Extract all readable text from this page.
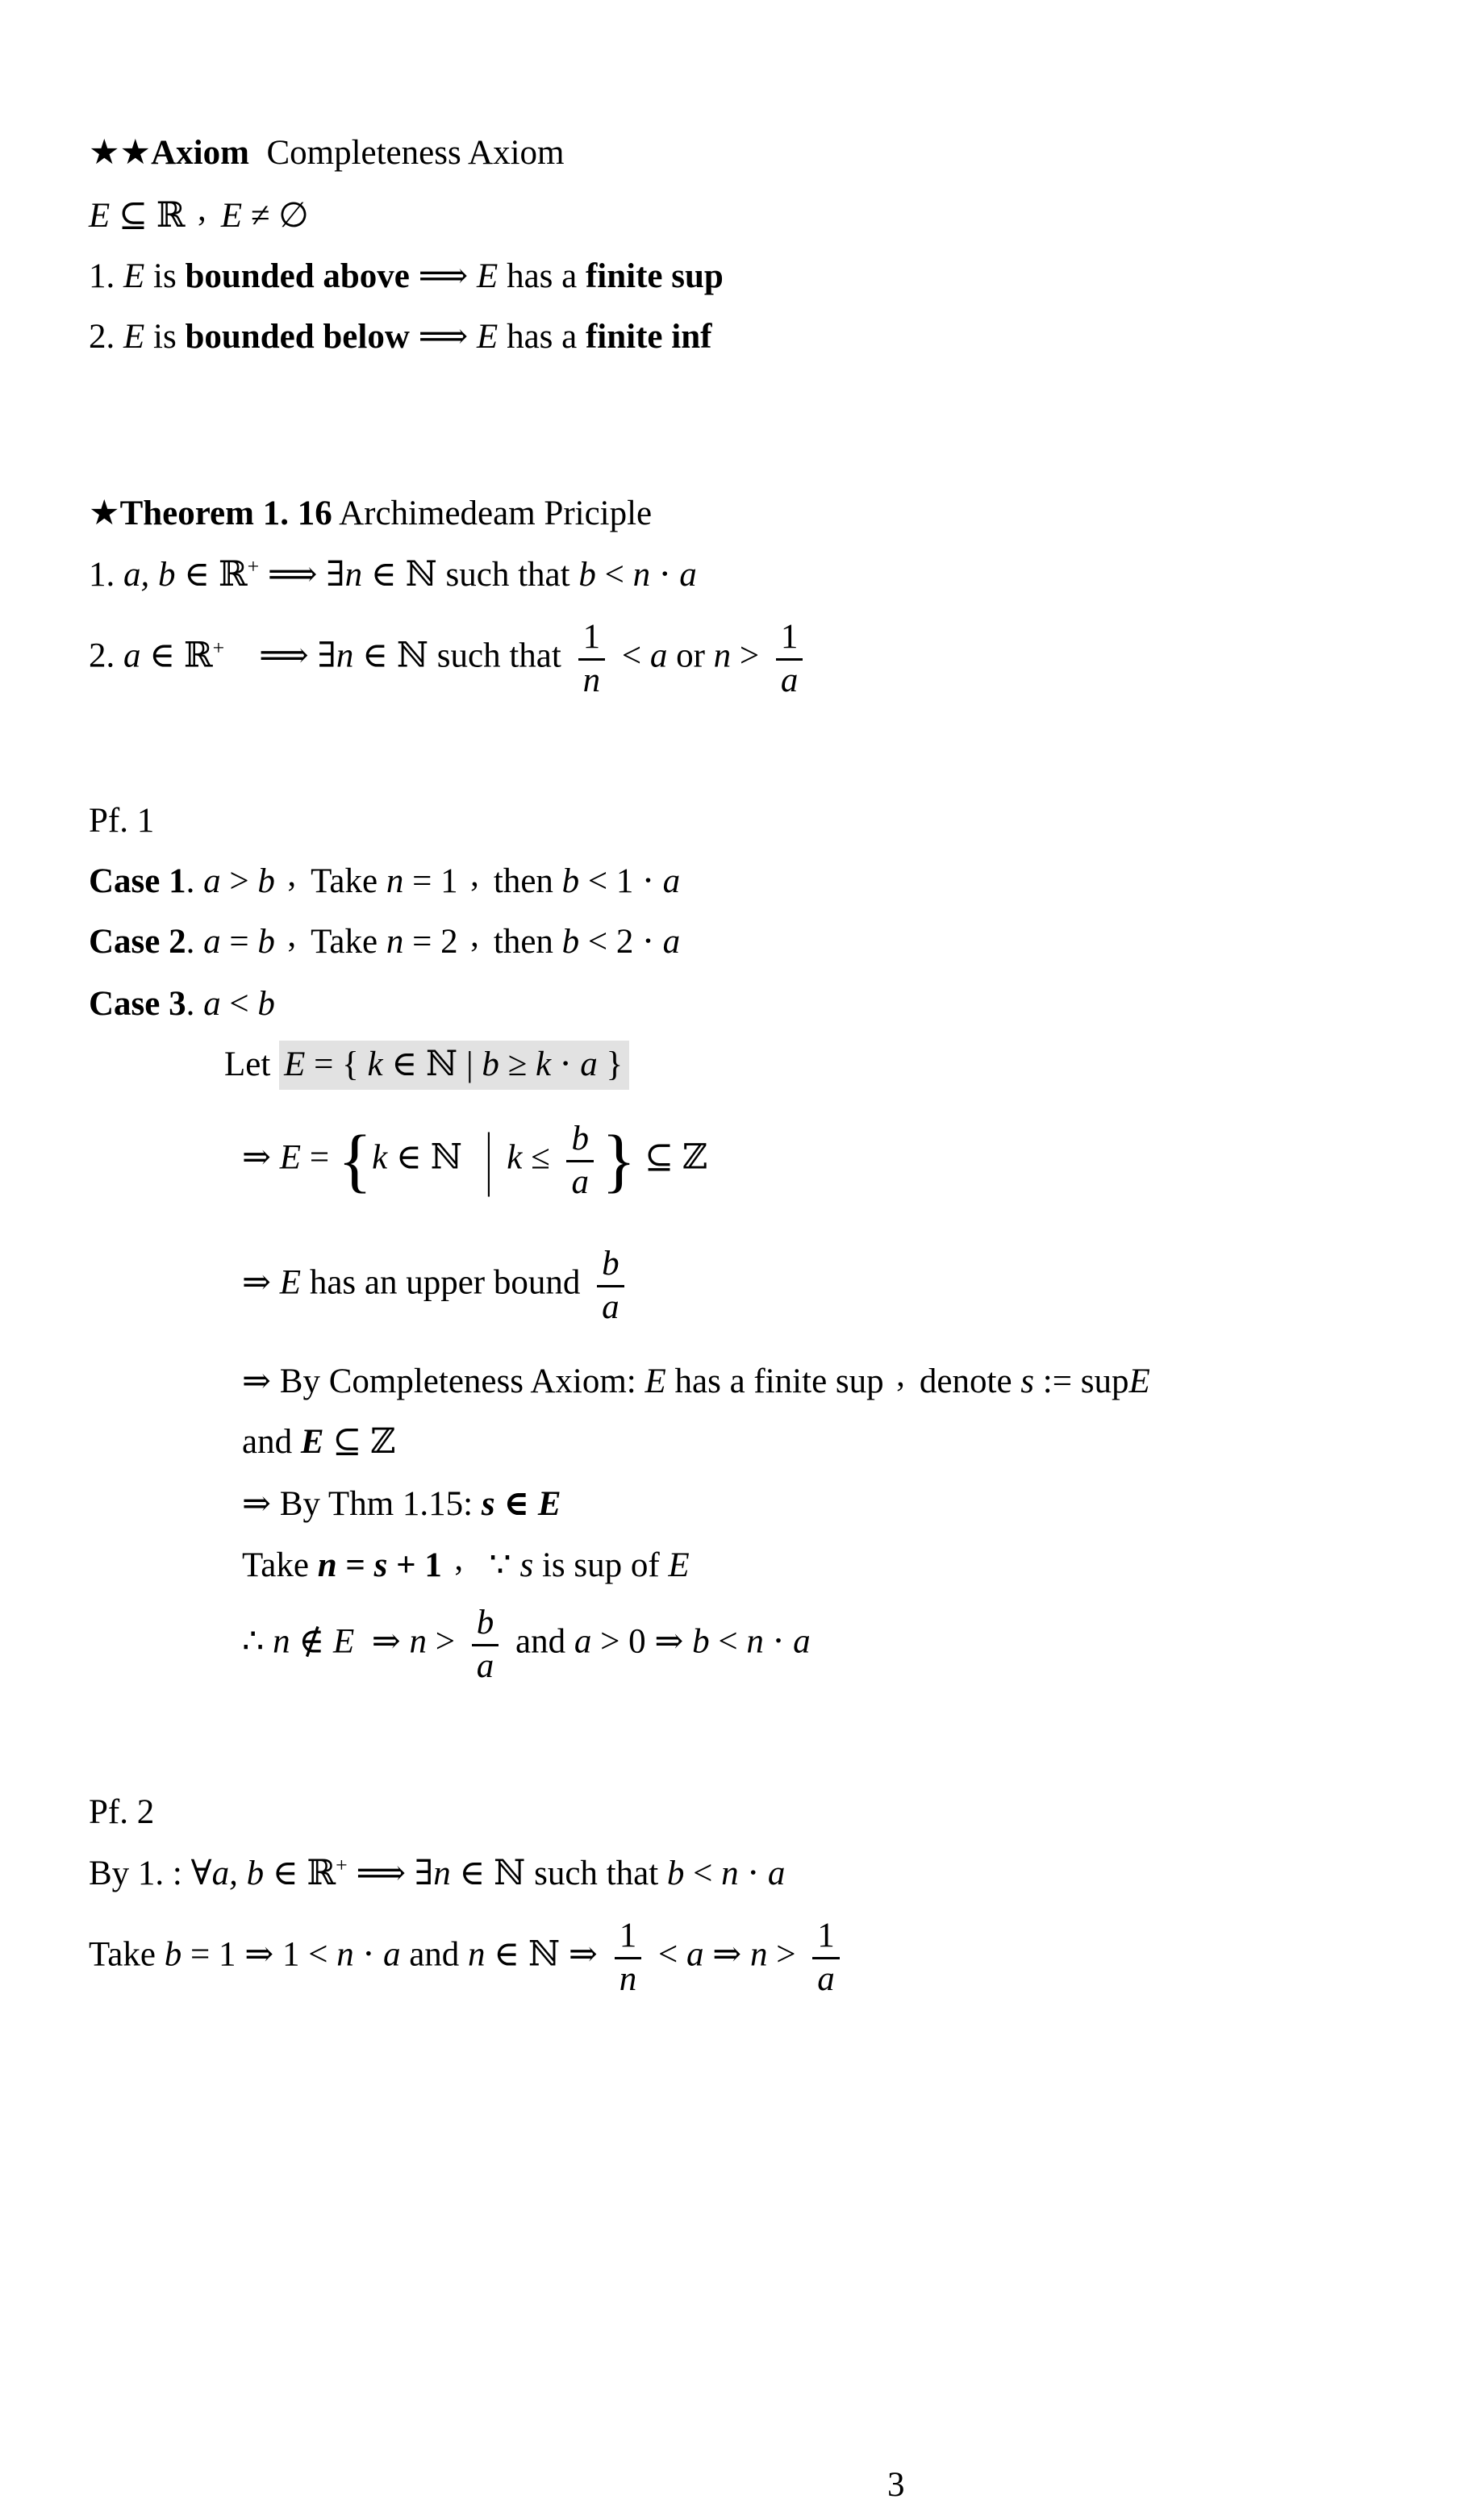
★★Axiom  Completeness Axiom
E ⊆ ℝ , E ≠ ∅
1. E is bounded above ⟹ E has a finite sup
2. E is bounded below ⟹ E has a finite inf
★Theorem 1. 16 Archimedeam Priciple
1. a, b ∈ ℝ+ ⟹ ∃n ∈ ℕ such that b < n ⋅ a
2. a ∈ ℝ+ ⟹ ∃n ∈ ℕ such that $\frac{1}{n} < a$ or $n > \frac{1}{a}$
Pf. 1
Case 1. a > b , Take n = 1 , then b < 1 ⋅ a
Case 2. a = b , Take n = 2 , then b < 2 ⋅ a
Case 3. a < b
Let E = { k ∈ ℕ | b ≥ k ⋅ a }
⇒ E = {k ∈ ℕ | $k \le \frac{b}{a}$ } ⊆ ℤ
⇒ E has an upper bound $\frac{b}{a}$
⇒ By Completeness Axiom: E has a finite sup , denote s := supE
and E ⊆ ℤ
⇒ By Thm 1.15: s ∈ E
Take n = s + 1 , ∵ s is sup of E
∴ n ∉ E  ⇒ $n > \frac{b}{a}$ and a > 0 ⇒ b < n ⋅ a
Pf. 2
By 1. : ∀a, b ∈ ℝ+ ⟹ ∃n ∈ ℕ such that b < n ⋅ a
Take b = 1 ⇒ 1 < n ⋅ a and n ∈ ℕ ⇒ $\frac{1}{n} < a$ ⇒ $n > \frac{1}{a}$
3
